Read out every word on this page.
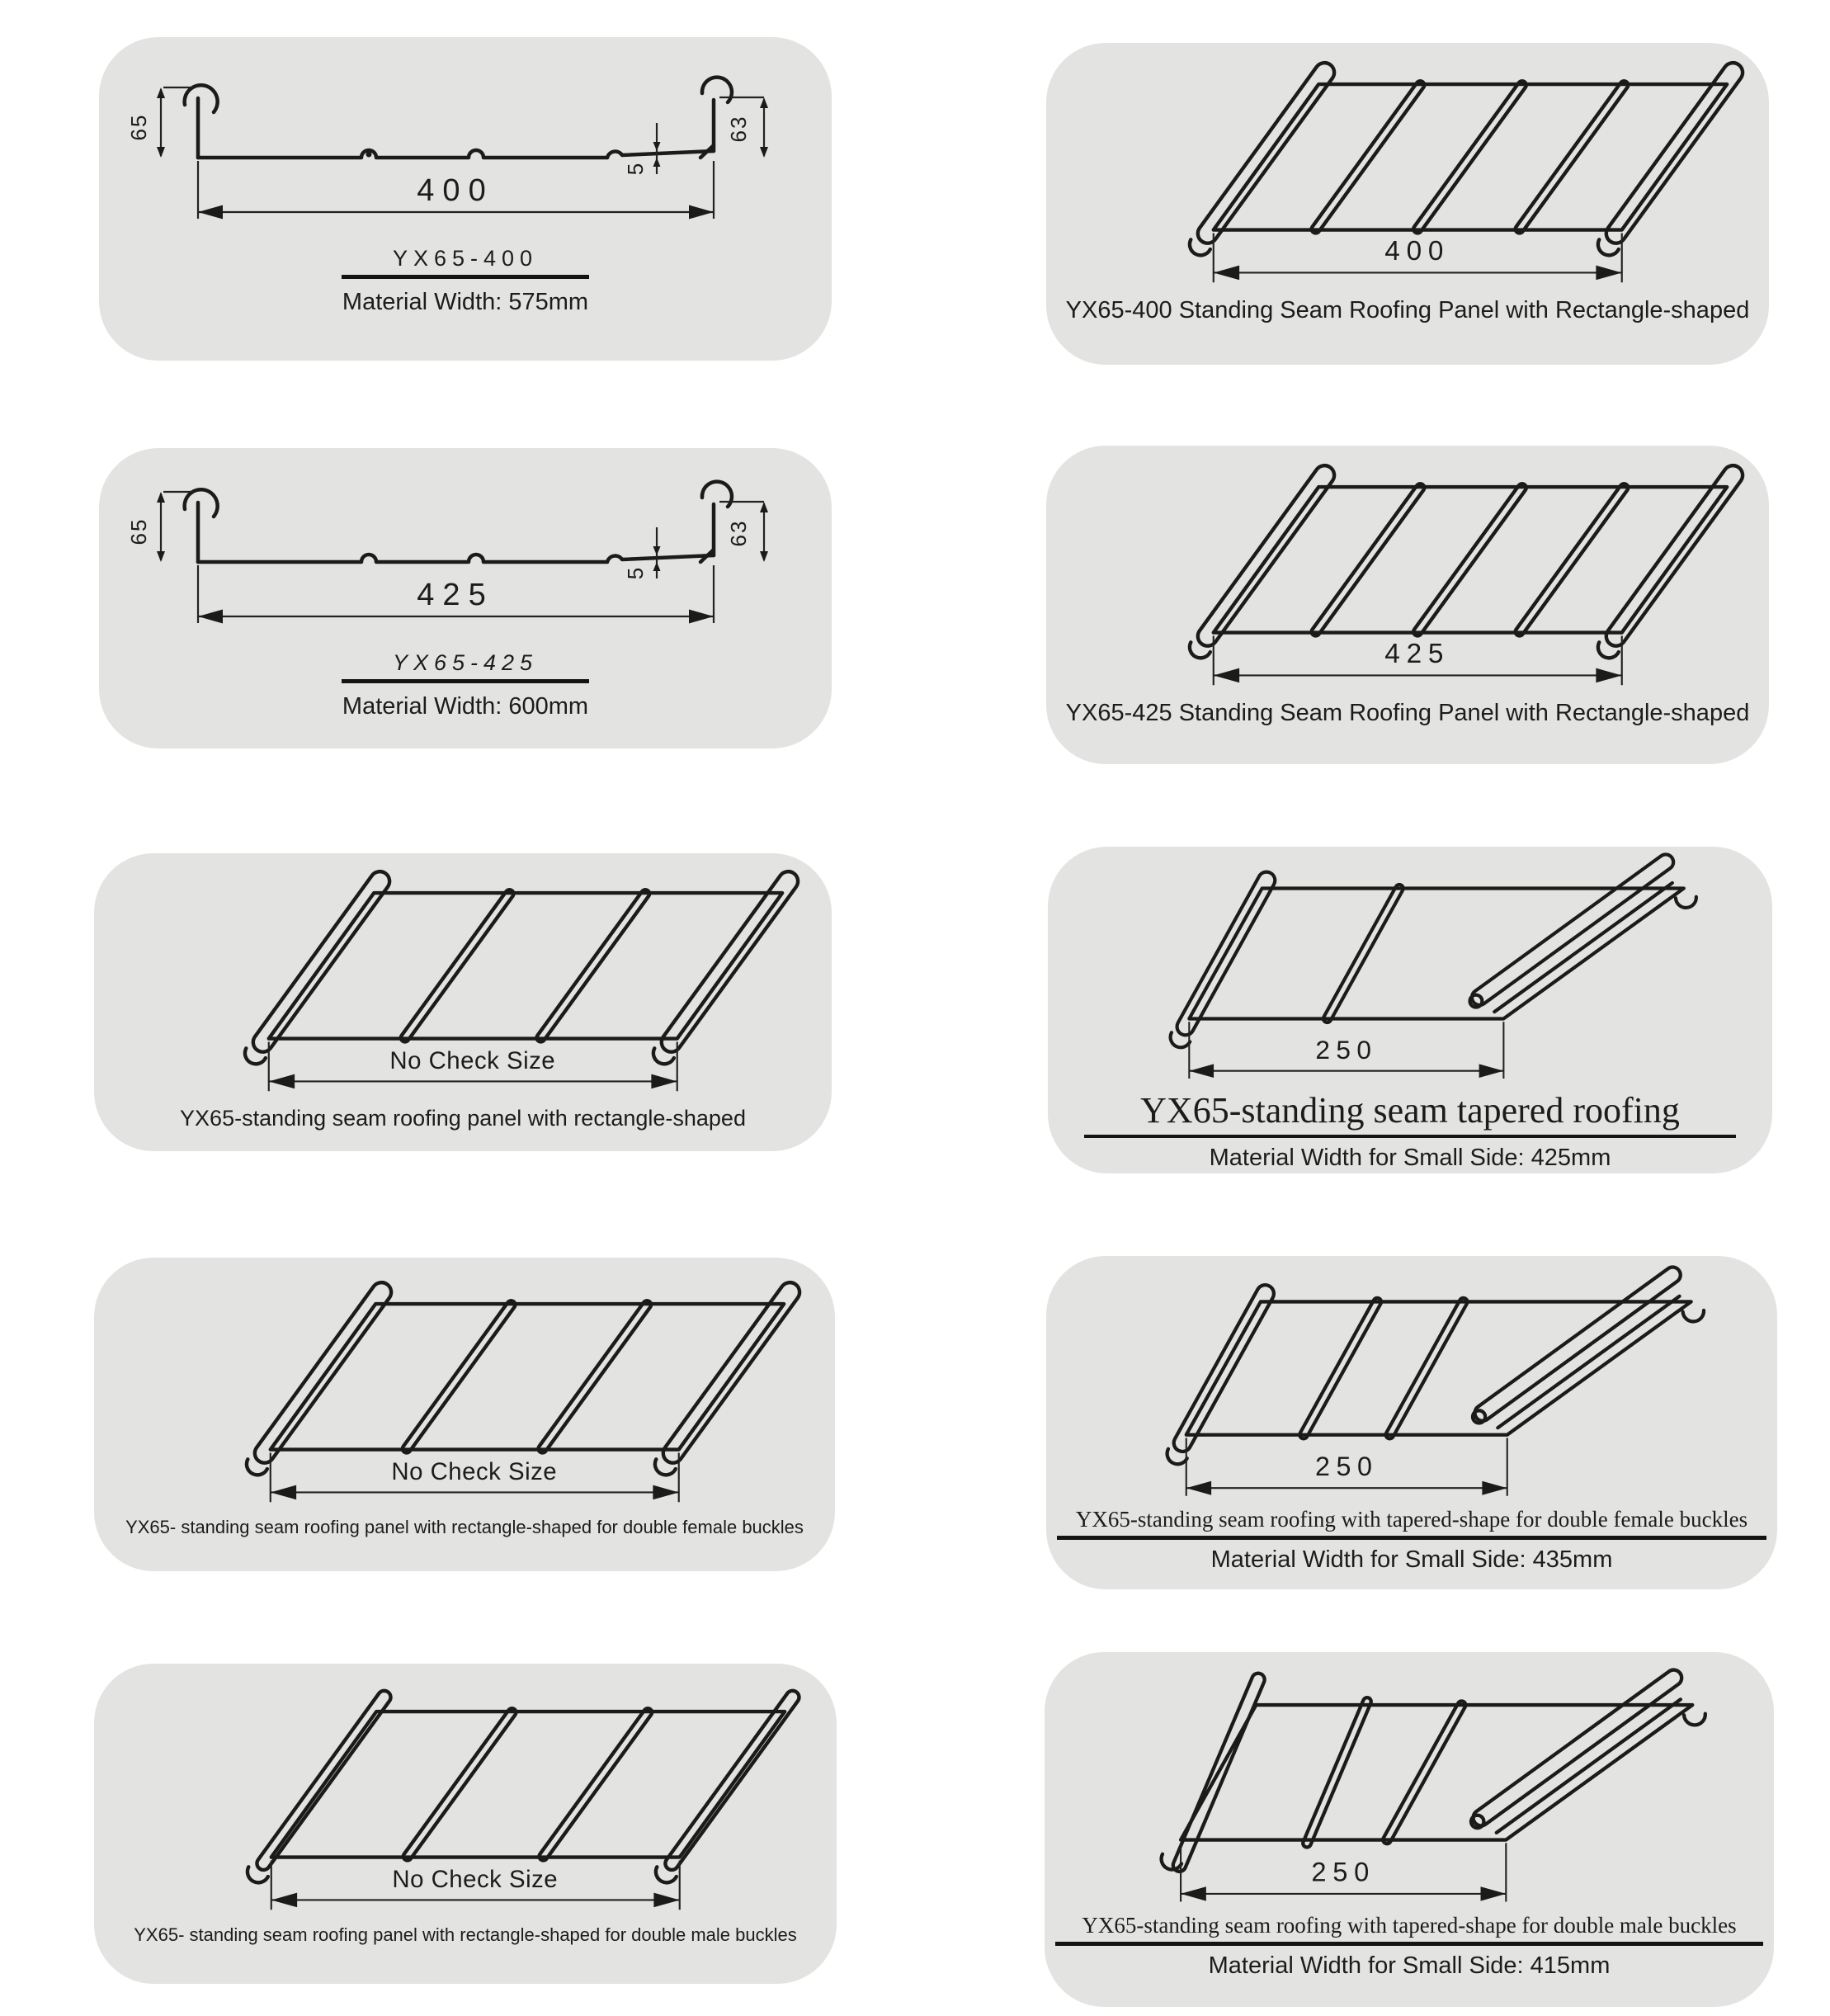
65	63
5
400
YX65-400
Material Width: 575mm
65	63
5
425
YX65-425
Material Width: 600mm
No Check Size
YX65-standing seam roofing panel with rectangle-shaped
No Check Size
YX65- standing seam roofing panel with rectangle-shaped for double female buckles
No Check Size
YX65- standing seam roofing panel with rectangle-shaped for double male buckles
400
YX65-400 Standing Seam Roofing Panel with Rectangle-shaped
425
YX65-425 Standing Seam Roofing Panel with Rectangle-shaped
250
YX65-standing seam tapered roofing
Material Width for Small Side: 425mm
250
YX65-standing seam roofing with tapered-shape for double female buckles
Material Width for Small Side: 435mm
250
YX65-standing seam roofing with tapered-shape for double male buckles
Material Width for Small Side: 415mm
